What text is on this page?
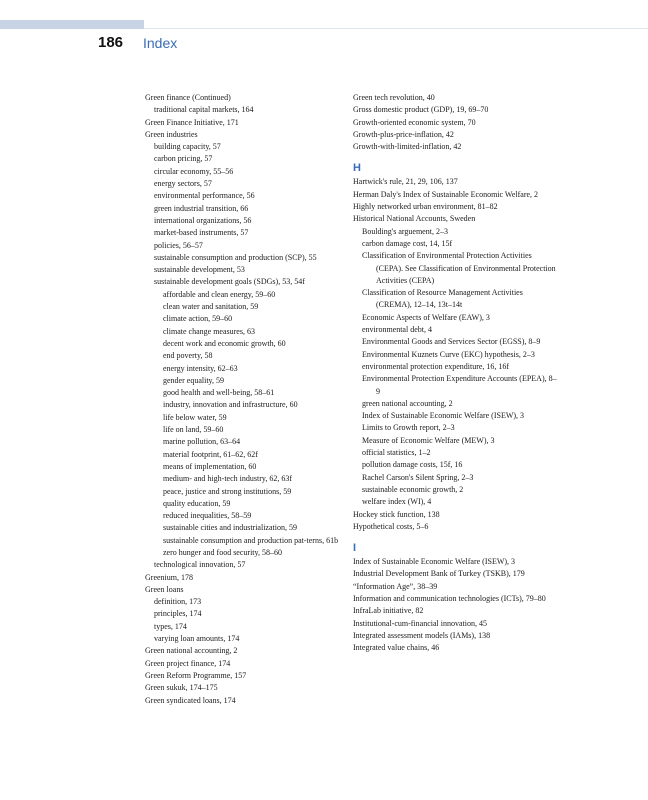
186 Index
Green finance (Continued)
traditional capital markets, 164
Green Finance Initiative, 171
Green industries
building capacity, 57
carbon pricing, 57
circular economy, 55–56
energy sectors, 57
environmental performance, 56
green industrial transition, 66
international organizations, 56
market-based instruments, 57
policies, 56–57
sustainable consumption and production (SCP), 55
sustainable development, 53
sustainable development goals (SDGs), 53, 54f
affordable and clean energy, 59–60
clean water and sanitation, 59
climate action, 59–60
climate change measures, 63
decent work and economic growth, 60
end poverty, 58
energy intensity, 62–63
gender equality, 59
good health and well-being, 58–61
industry, innovation and infrastructure, 60
life below water, 59
life on land, 59–60
marine pollution, 63–64
material footprint, 61–62, 62f
means of implementation, 60
medium- and high-tech industry, 62, 63f
peace, justice and strong institutions, 59
quality education, 59
reduced inequalities, 58–59
sustainable cities and industrialization, 59
sustainable consumption and production pat-terns, 61b
zero hunger and food security, 58–60
technological innovation, 57
Greenium, 178
Green loans
definition, 173
principles, 174
types, 174
varying loan amounts, 174
Green national accounting, 2
Green project finance, 174
Green Reform Programme, 157
Green sukuk, 174–175
Green syndicated loans, 174
Green tech revolution, 40
Gross domestic product (GDP), 19, 69–70
Growth-oriented economic system, 70
Growth-plus-price-inflation, 42
Growth-with-limited-inflation, 42
H
Hartwick's rule, 21, 29, 106, 137
Herman Daly's Index of Sustainable Economic Welfare, 2
Highly networked urban environment, 81–82
Historical National Accounts, Sweden
Boulding's arguement, 2–3
carbon damage cost, 14, 15f
Classification of Environmental Protection Activities (CEPA). See Classification of Environmental Protection Activities (CEPA)
Classification of Resource Management Activities (CREMA), 12–14, 13t–14t
Economic Aspects of Welfare (EAW), 3
environmental debt, 4
Environmental Goods and Services Sector (EGSS), 8–9
Environmental Kuznets Curve (EKC) hypothesis, 2–3
environmental protection expenditure, 16, 16f
Environmental Protection Expenditure Accounts (EPEA), 8–9
green national accounting, 2
Index of Sustainable Economic Welfare (ISEW), 3
Limits to Growth report, 2–3
Measure of Economic Welfare (MEW), 3
official statistics, 1–2
pollution damage costs, 15f, 16
Rachel Carson's Silent Spring, 2–3
sustainable economic growth, 2
welfare index (WI), 4
Hockey stick function, 138
Hypothetical costs, 5–6
I
Index of Sustainable Economic Welfare (ISEW), 3
Industrial Development Bank of Turkey (TSKB), 179
“Information Age”, 38–39
Information and communication technologies (ICTs), 79–80
InfraLab initiative, 82
Institutional-cum-financial innovation, 45
Integrated assessment models (IAMs), 138
Integrated value chains, 46
